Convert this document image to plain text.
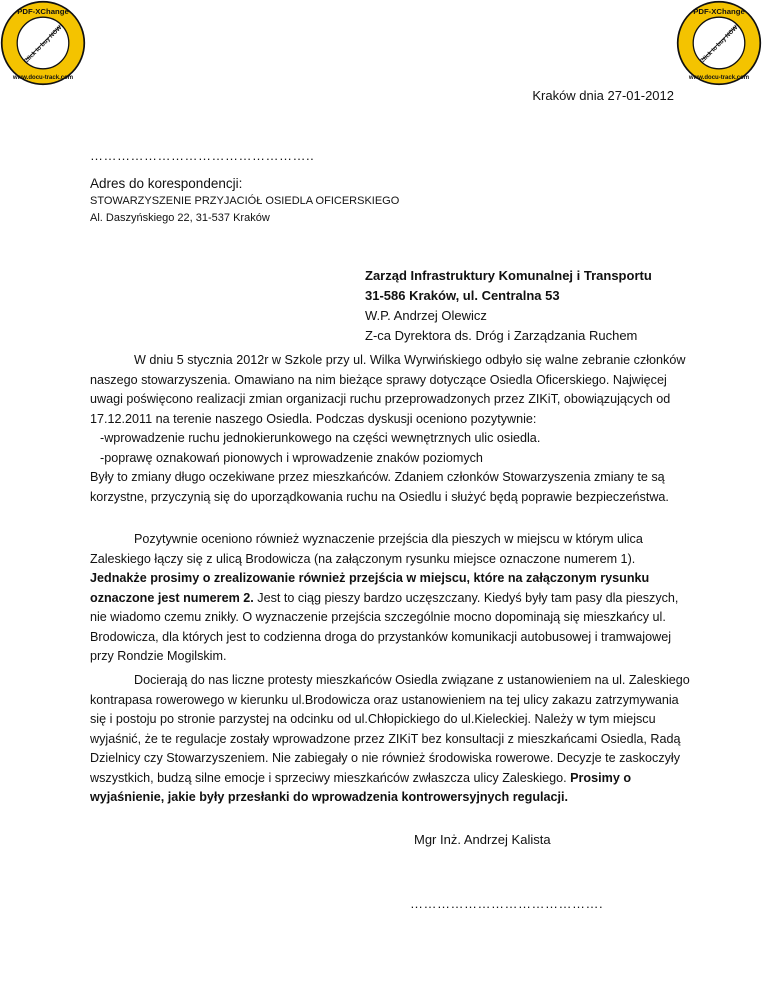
PDF-XChange
Click to buy NOW!
www.docu-track.com
PDF-XChange
Click to buy NOW!
www.docu-track.com
Kraków dnia 27-01-2012
…………………………………………..
Adres do korespondencji:
STOWARZYSZENIE PRZYJACIÓŁ OSIEDLA OFICERSKIEGO
Al. Daszyńskiego 22, 31-537 Kraków
Zarząd Infrastruktury Komunalnej i Transportu
31-586 Kraków, ul. Centralna 53
W.P. Andrzej Olewicz
Z-ca Dyrektora ds. Dróg i Zarządzania Ruchem

W dniu 5 stycznia 2012r w Szkole przy ul. Wilka Wyrwińskiego odbyło się walne zebranie członków naszego stowarzyszenia. Omawiano na nim bieżące sprawy dotyczące Osiedla Oficerskiego. Najwięcej uwagi poświęcono realizacji zmian organizacji ruchu przeprowadzonych przez ZIKiT, obowiązujących od 17.12.2011 na terenie naszego Osiedla. Podczas dyskusji oceniono pozytywnie:

-wprowadzenie ruchu jednokierunkowego na części wewnętrznych ulic osiedla.

-poprawę oznakowań pionowych i wprowadzenie znaków poziomych

Były to zmiany długo oczekiwane przez mieszkańców. Zdaniem członków Stowarzyszenia zmiany te są korzystne, przyczynią się do uporządkowania ruchu na Osiedlu i służyć będą poprawie bezpieczeństwa.

Pozytywnie oceniono również wyznaczenie przejścia dla pieszych w miejscu w którym ulica Zaleskiego łączy się z ulicą Brodowicza (na załączonym rysunku miejsce oznaczone numerem 1). Jednakże prosimy o zrealizowanie również przejścia w miejscu, które na załączonym rysunku oznaczone jest numerem 2. Jest to ciąg pieszy bardzo uczęszczany. Kiedyś były tam pasy dla pieszych, nie wiadomo czemu znikły. O wyznaczenie przejścia szczególnie mocno dopominają się mieszkańcy ul. Brodowicza, dla których jest to codzienna droga do przystanków komunikacji autobusowej i tramwajowej przy Rondzie Mogilskim.

Docierają do nas liczne protesty mieszkańców Osiedla związane z ustanowieniem na ul. Zaleskiego kontrapasa rowerowego w kierunku ul.Brodowicza oraz ustanowieniem na tej ulicy zakazu zatrzymywania się i postoju po stronie parzystej na odcinku od ul.Chłopickiego do ul.Kieleckiej. Należy w tym miejscu wyjaśnić, że te regulacje zostały wprowadzone przez ZIKiT bez konsultacji z mieszkańcami Osiedla, Radą Dzielnicy czy Stowarzyszeniem. Nie zabiegały o nie również środowiska rowerowe. Decyzje te zaskoczyły wszystkich, budzą silne emocje i sprzeciwy mieszkańców zwłaszcza ulicy Zaleskiego. Prosimy o wyjaśnienie, jakie były przesłanki do wprowadzenia kontrowersyjnych regulacji.

Mgr Inż. Andrzej Kalista
…………………………………….
